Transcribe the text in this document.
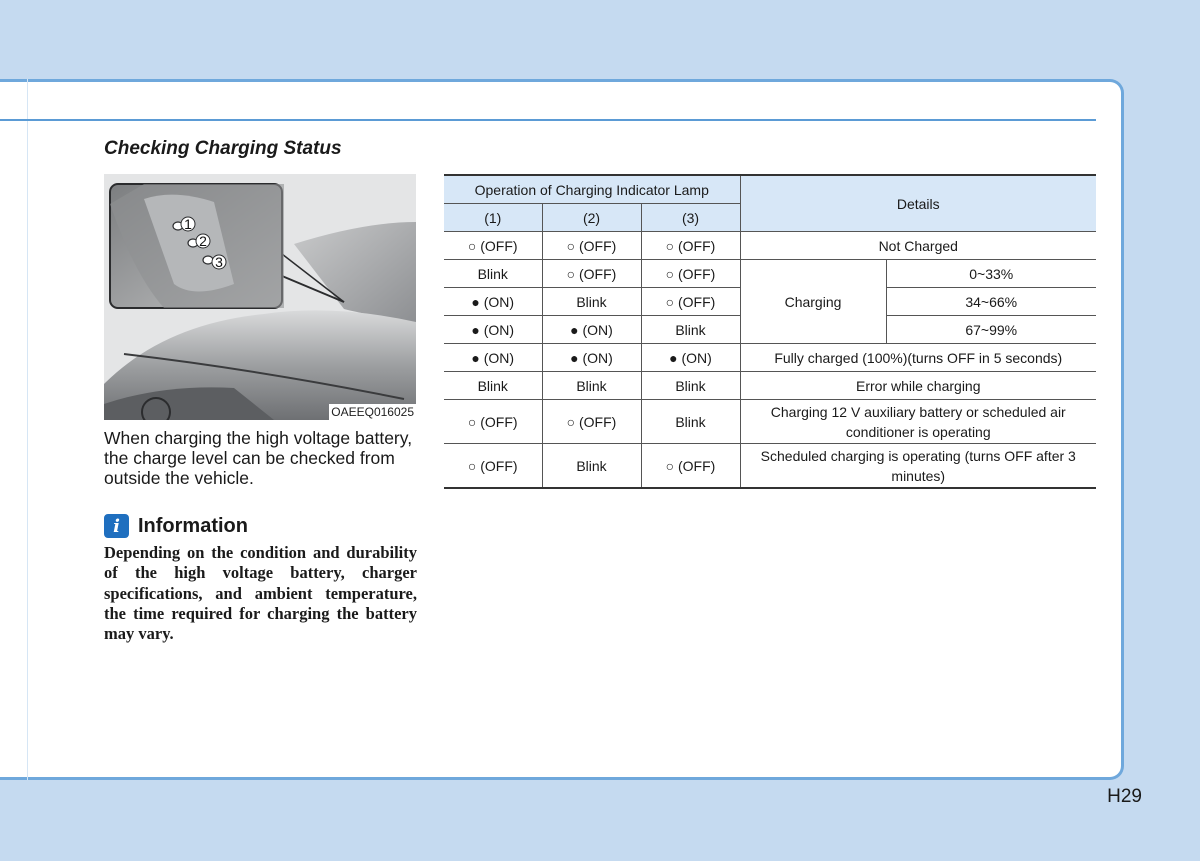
Checking Charging Status
1
2
3
OAEEQ016025

When charging the high voltage battery, the charge level can be checked from outside the vehicle.

i Information

Depending on the condition and durability of the high voltage battery, charger specifications, and ambient temperature, the time required for charging the battery may vary.

Operation of Charging Indicator Lamp			Details	
(1)	(2)	(3)		
○ (OFF)	○ (OFF)	○ (OFF)	Not Charged	
Blink	○ (OFF)	○ (OFF)	Charging	0~33%
● (ON)	Blink	○ (OFF)		34~66%
● (ON)	● (ON)	Blink		67~99%
● (ON)	● (ON)	● (ON)	Fully charged (100%)(turns OFF in 5 seconds)	
Blink	Blink	Blink	Error while charging	
○ (OFF)	○ (OFF)	Blink	Charging 12 V auxiliary battery or scheduled air conditioner is operating	
○ (OFF)	Blink	○ (OFF)	Scheduled charging is operating (turns OFF after 3 minutes)	
H29
